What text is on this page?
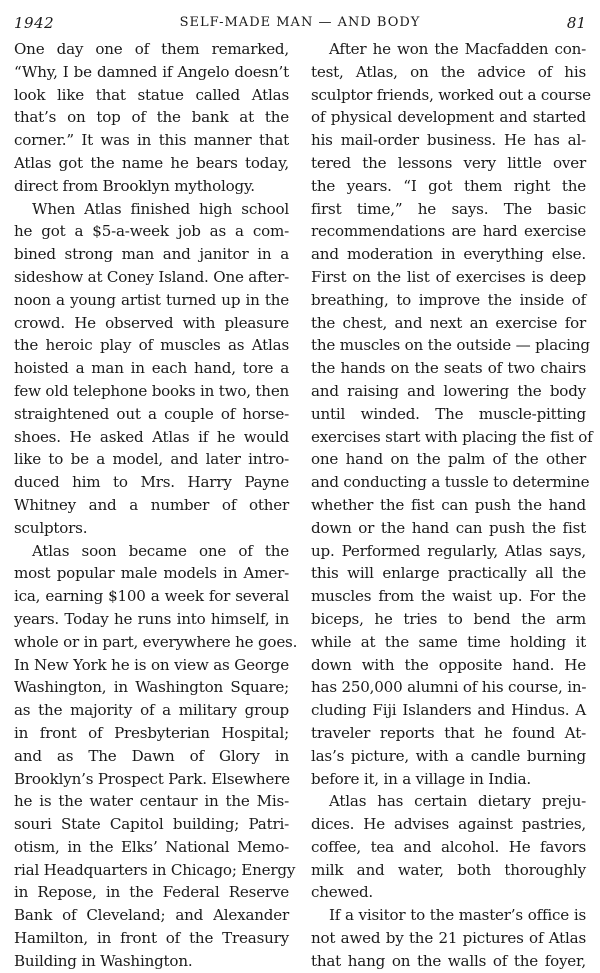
1942	SELF-MADE MAN — AND BODY	81
One day one of them remarked,
“Why, I be damned if Angelo doesn’t
look like that statue called Atlas
that’s on top of the bank at the
corner.” It was in this manner that
Atlas got the name he bears today,
direct from Brooklyn mythology.
When Atlas finished high school
he got a $5-a-week job as a com-
bined strong man and janitor in a
sideshow at Coney Island. One after-
noon a young artist turned up in the
crowd. He observed with pleasure
the heroic play of muscles as Atlas
hoisted a man in each hand, tore a
few old telephone books in two, then
straightened out a couple of horse-
shoes. He asked Atlas if he would
like to be a model, and later intro-
duced him to Mrs. Harry Payne
Whitney and a number of other
sculptors.
Atlas soon became one of the
most popular male models in Amer-
ica, earning $100 a week for several
years. Today he runs into himself, in
whole or in part, everywhere he goes.
In New York he is on view as George
Washington, in Washington Square;
as the majority of a military group
in front of Presbyterian Hospital;
and as The Dawn of Glory in
Brooklyn’s Prospect Park. Elsewhere
he is the water centaur in the Mis-
souri State Capitol building; Patri-
otism, in the Elks’ National Memo-
rial Headquarters in Chicago; Energy
in Repose, in the Federal Reserve
Bank of Cleveland; and Alexander
Hamilton, in front of the Treasury
Building in Washington.
After he won the Macfadden con-
test, Atlas, on the advice of his
sculptor friends, worked out a course
of physical development and started
his mail-order business. He has al-
tered the lessons very little over
the years. “I got them right the
first time,” he says. The basic
recommendations are hard exercise
and moderation in everything else.
First on the list of exercises is deep
breathing, to improve the inside of
the chest, and next an exercise for
the muscles on the outside — placing
the hands on the seats of two chairs
and raising and lowering the body
until winded. The muscle-pitting
exercises start with placing the fist of
one hand on the palm of the other
and conducting a tussle to determine
whether the fist can push the hand
down or the hand can push the fist
up. Performed regularly, Atlas says,
this will enlarge practically all the
muscles from the waist up. For the
biceps, he tries to bend the arm
while at the same time holding it
down with the opposite hand. He
has 250,000 alumni of his course, in-
cluding Fiji Islanders and Hindus. A
traveler reports that he found At-
las’s picture, with a candle burning
before it, in a village in India.
Atlas has certain dietary preju-
dices. He advises against pastries,
coffee, tea and alcohol. He favors
milk and water, both thoroughly
chewed.
If a visitor to the master’s office is
not awed by the 21 pictures of Atlas
that hang on the walls of the foyer,
